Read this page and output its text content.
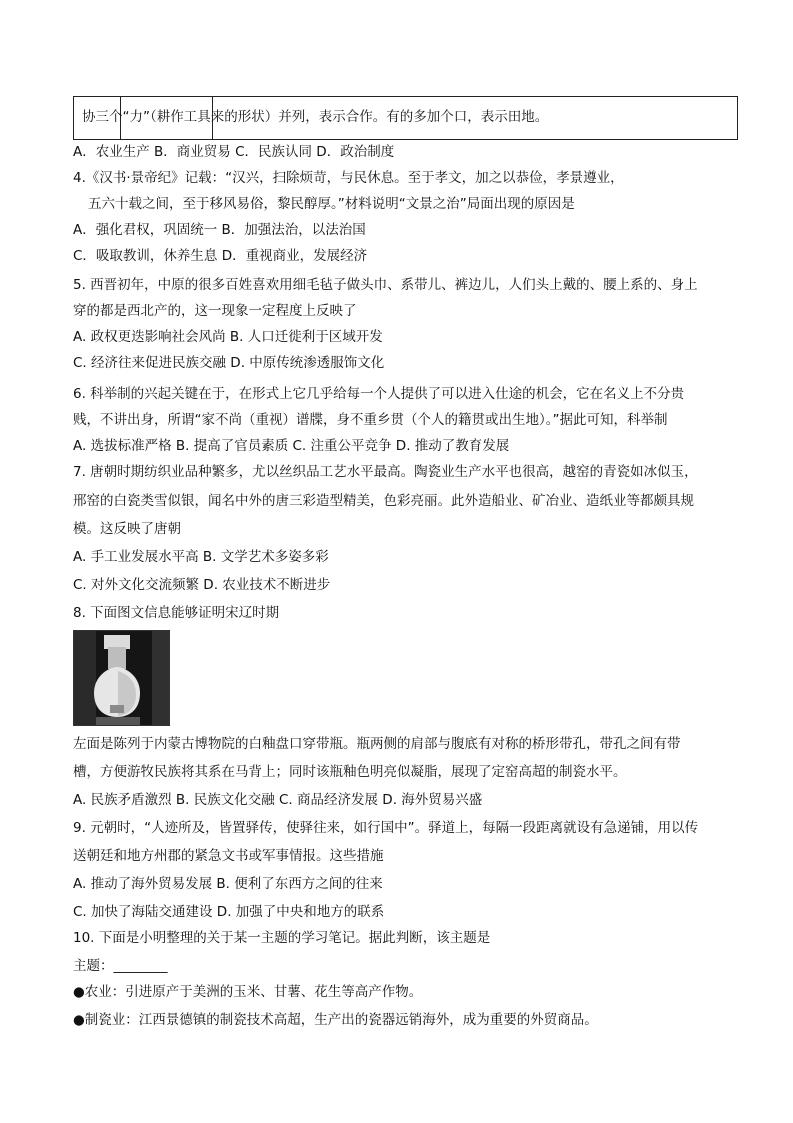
协三个“力”（耕作工具来的形状）并列，表示合作。有的多加个口，表示田地。
A．农业生产 B．商业贸易 C．民族认同 D．政治制度
4.《汉书·景帝纪》记载：“汉兴，扫除烦苛，与民休息。至于孝文，加之以恭俭，孝景遵业，
五六十载之间，至于移风易俗，黎民醇厚。”材料说明“文景之治”局面出现的原因是
A．强化君权，巩固统一 B．加强法治，以法治国
C．吸取教训，休养生息 D．重视商业，发展经济
5. 西晋初年，中原的很多百姓喜欢用细毛毡子做头巾、系带儿、裤边儿，人们头上戴的、腰上系的、身上
穿的都是西北产的，这一现象一定程度上反映了
A. 政权更迭影响社会风尚 B. 人口迁徙利于区域开发
C. 经济往来促进民族交融 D. 中原传统渗透服饰文化
6. 科举制的兴起关键在于，在形式上它几乎给每一个人提供了可以进入仕途的机会，它在名义上不分贵
贱，不讲出身，所谓“家不尚（重视）谱牒，身不重乡贯（个人的籍贯或出生地）。”据此可知，科举制
A. 选拔标准严格 B. 提高了官员素质 C. 注重公平竞争 D. 推动了教育发展
7. 唐朝时期纺织业品种繁多，尤以丝织品工艺水平最高。陶瓷业生产水平也很高，越窑的青瓷如冰似玉，
邢窑的白瓷类雪似银，闻名中外的唐三彩造型精美，色彩亮丽。此外造船业、矿冶业、造纸业等都颇具规
模。这反映了唐朝
A. 手工业发展水平高 B. 文学艺术多姿多彩
C. 对外文化交流频繁 D. 农业技术不断进步
8. 下面图文信息能够证明宋辽时期
左面是陈列于内蒙古博物院的白釉盘口穿带瓶。瓶两侧的肩部与腹底有对称的桥形带孔，带孔之间有带
槽，方便游牧民族将其系在马背上；同时该瓶釉色明亮似凝脂，展现了定窑高超的制瓷水平。
A. 民族矛盾激烈 B. 民族文化交融 C. 商品经济发展 D. 海外贸易兴盛
9. 元朝时，“人迹所及，皆置驿传，使驿往来，如行国中”。驿道上，每隔一段距离就设有急递铺，用以传
送朝廷和地方州郡的紧急文书或军事情报。这些措施
A. 推动了海外贸易发展 B. 便利了东西方之间的往来
C. 加快了海陆交通建设 D. 加强了中央和地方的联系
10. 下面是小明整理的关于某一主题的学习笔记。据此判断，该主题是
主题：________
●农业：引进原产于美洲的玉米、甘薯、花生等高产作物。
●制瓷业：江西景德镇的制瓷技术高超，生产出的瓷器远销海外，成为重要的外贸商品。
